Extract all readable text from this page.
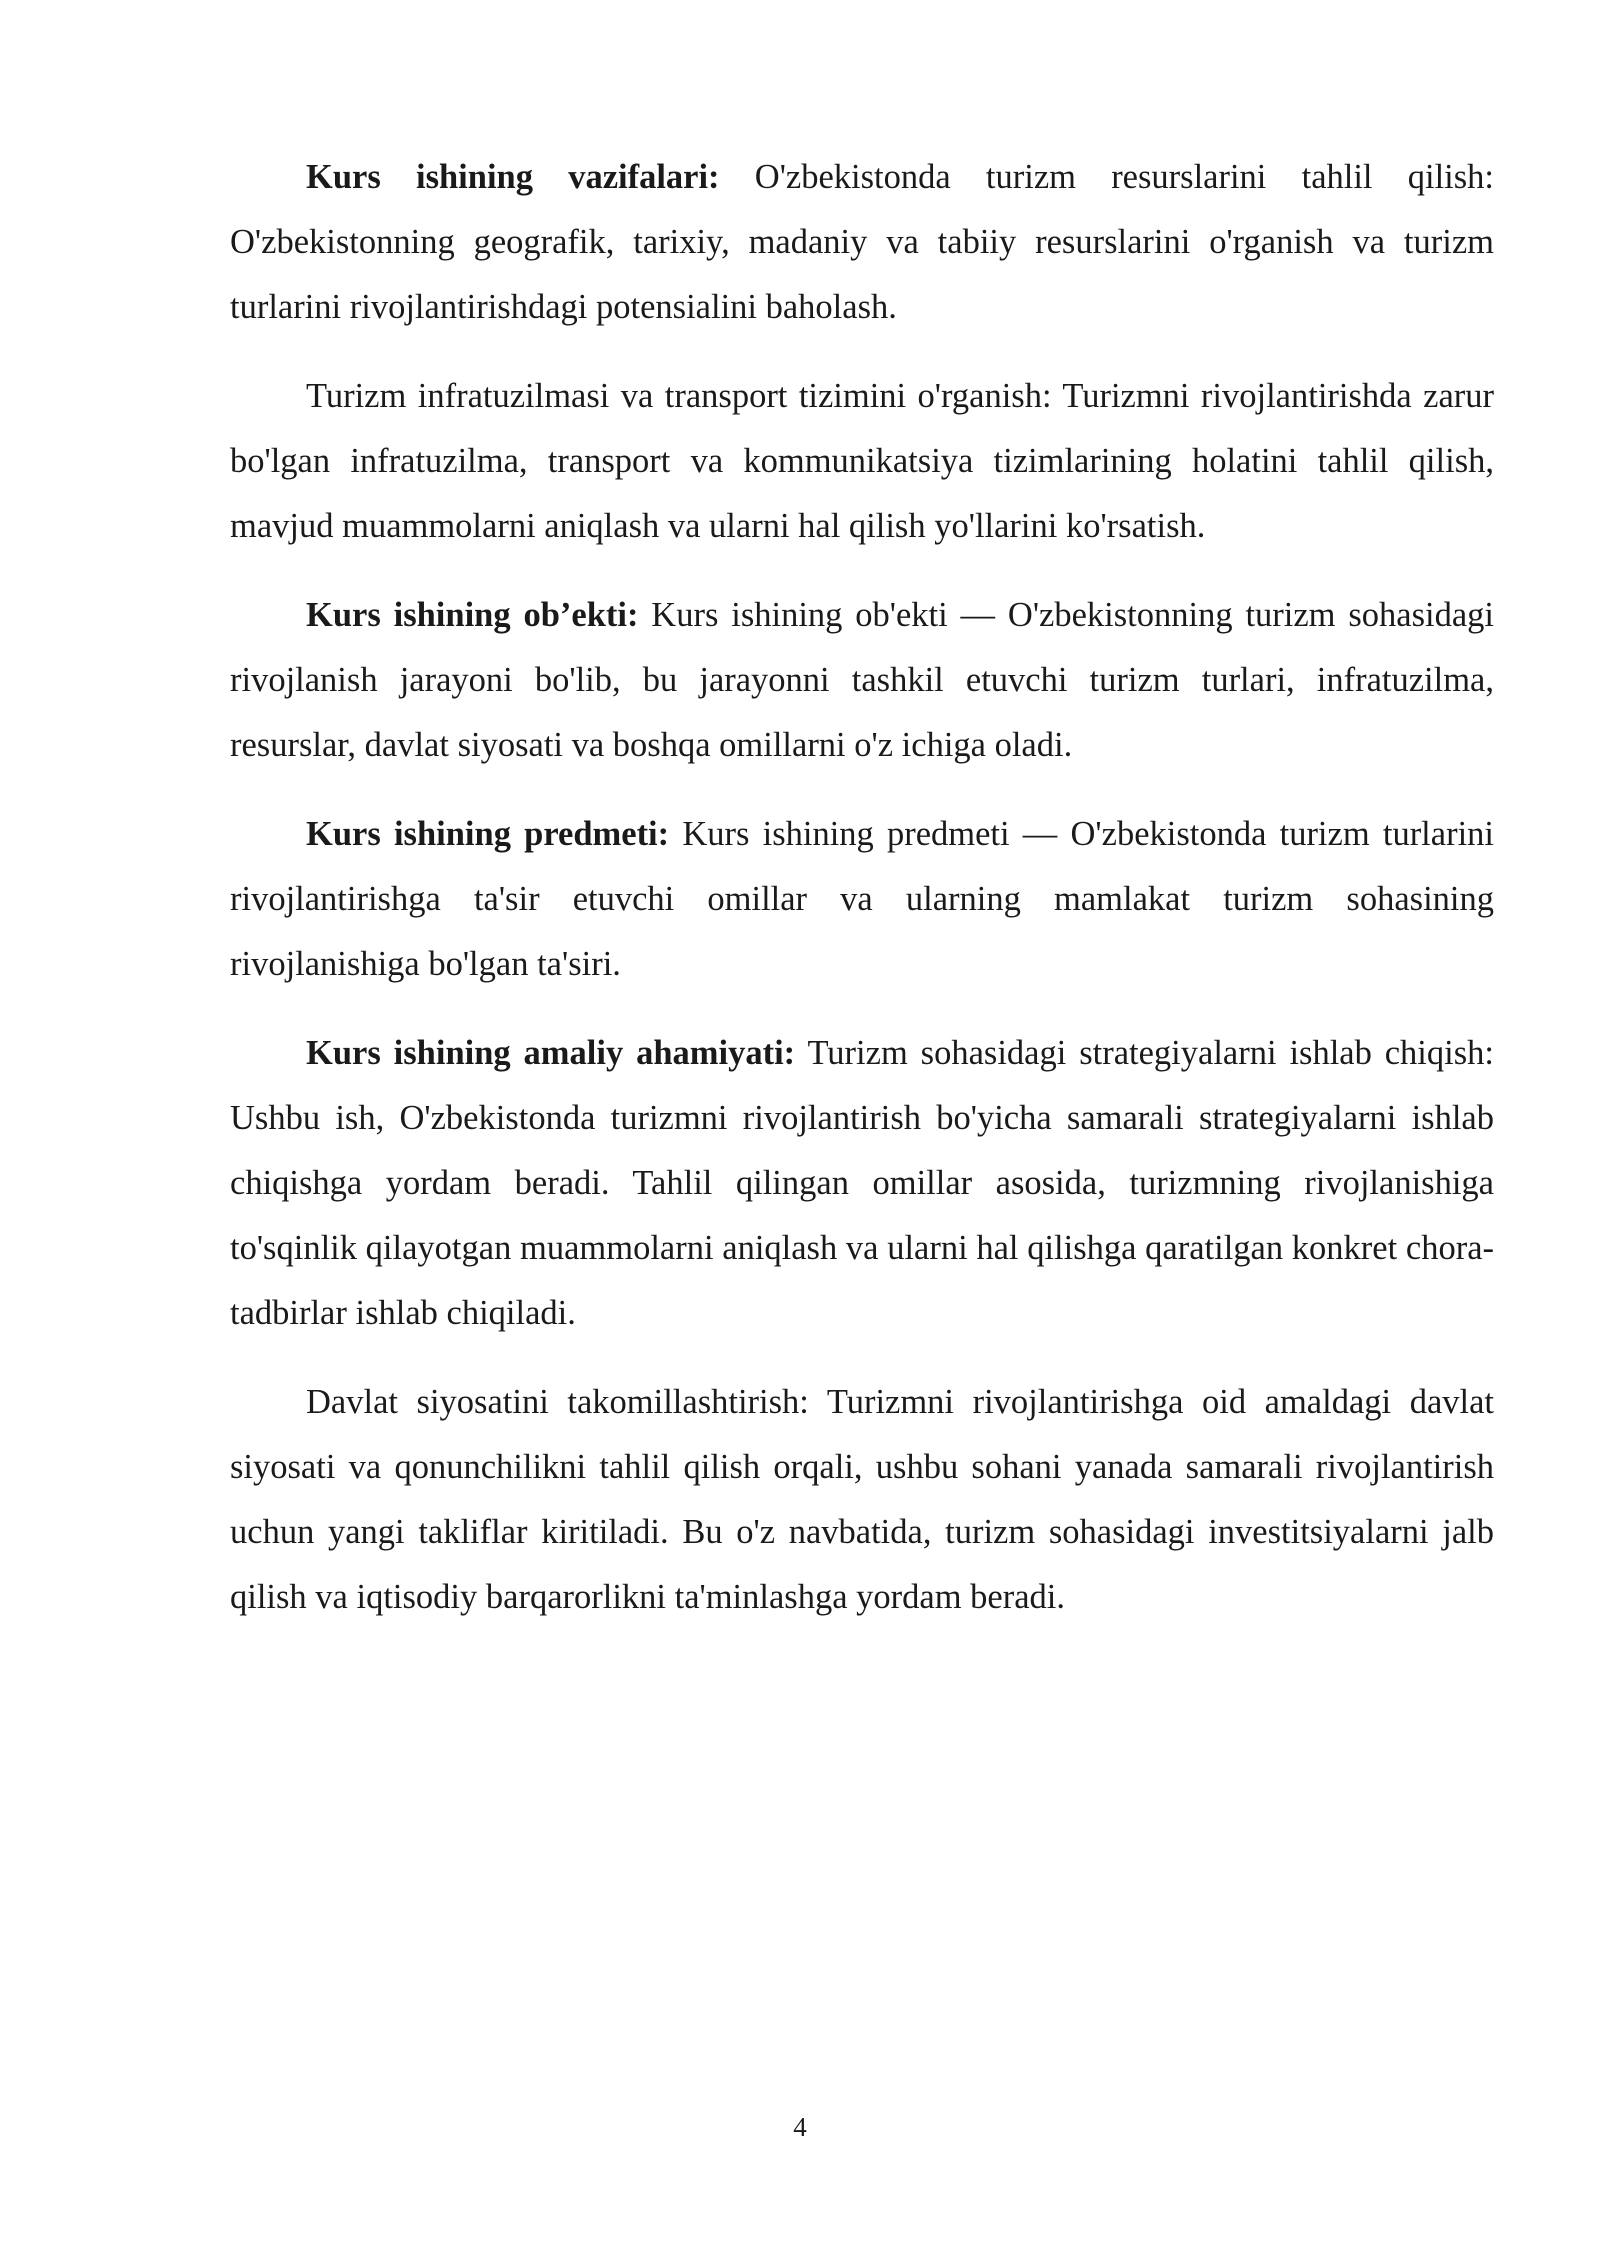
Kurs ishining vazifalari: O'zbekistonda turizm resurslarini tahlil qilish: O'zbekistonning geografik, tarixiy, madaniy va tabiiy resurslarini o'rganish va turizm turlarini rivojlantirishdagi potensialini baholash.

Turizm infratuzilmasi va transport tizimini o'rganish: Turizmni rivojlantirishda zarur bo'lgan infratuzilma, transport va kommunikatsiya tizimlarining holatini tahlil qilish, mavjud muammolarni aniqlash va ularni hal qilish yo'llarini ko'rsatish.

Kurs ishining ob’ekti: Kurs ishining ob'ekti — O'zbekistonning turizm sohasidagi rivojlanish jarayoni bo'lib, bu jarayonni tashkil etuvchi turizm turlari, infratuzilma, resurslar, davlat siyosati va boshqa omillarni o'z ichiga oladi.

Kurs ishining predmeti: Kurs ishining predmeti — O'zbekistonda turizm turlarini rivojlantirishga ta'sir etuvchi omillar va ularning mamlakat turizm sohasining rivojlanishiga bo'lgan ta'siri.

Kurs ishining amaliy ahamiyati: Turizm sohasidagi strategiyalarni ishlab chiqish: Ushbu ish, O'zbekistonda turizmni rivojlantirish bo'yicha samarali strategiyalarni ishlab chiqishga yordam beradi. Tahlil qilingan omillar asosida, turizmning rivojlanishiga to'sqinlik qilayotgan muammolarni aniqlash va ularni hal qilishga qaratilgan konkret chora-tadbirlar ishlab chiqiladi.

Davlat siyosatini takomillashtirish: Turizmni rivojlantirishga oid amaldagi davlat siyosati va qonunchilikni tahlil qilish orqali, ushbu sohani yanada samarali rivojlantirish uchun yangi takliflar kiritiladi. Bu o'z navbatida, turizm sohasidagi investitsiyalarni jalb qilish va iqtisodiy barqarorlikni ta'minlashga yordam beradi.

4
